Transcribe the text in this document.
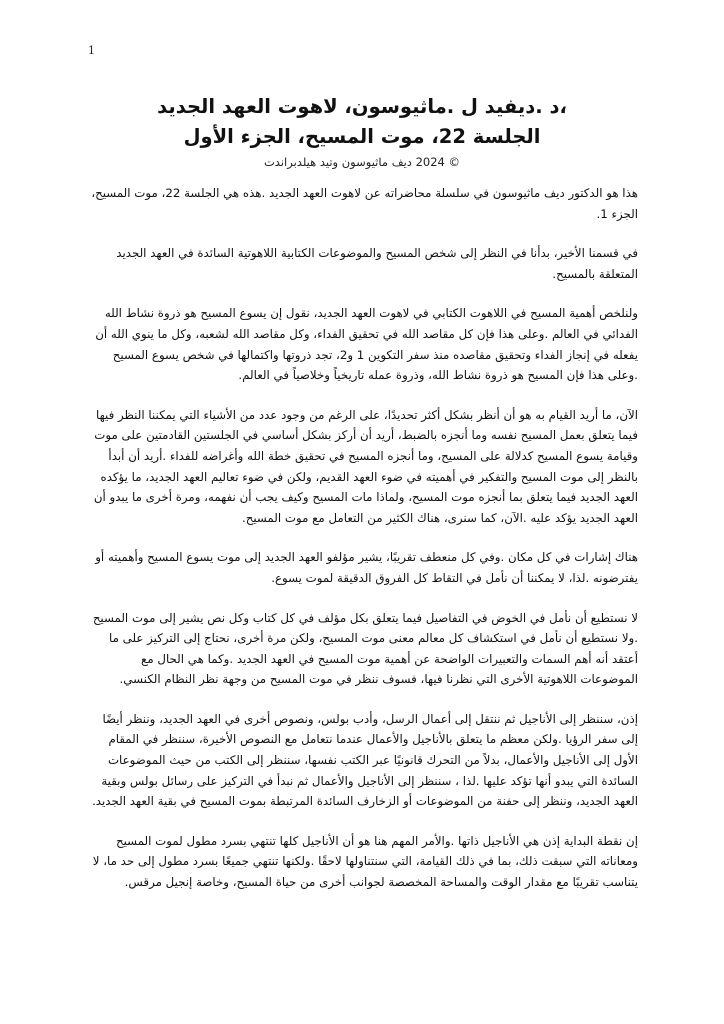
1

،د .ديفيد ل .ماثيوسون، لاهوت العهد الجديد

الجلسة 22، موت المسيح، الجزء الأول

© 2024 ديف ماثيوسون وتيد هيلدبراندت

هذا هو الدكتور ديف ماثيوسون في سلسلة محاضراته عن لاهوت العهد الجديد .هذه هي الجلسة 22، موت المسيح، الجزء 1.

في قسمنا الأخير، بدأنا في النظر إلى شخص المسيح والموضوعات الكتابية اللاهوتية السائدة في العهد الجديد المتعلقة بالمسيح.

ولنلخص أهمية المسيح في اللاهوت الكتابي في لاهوت العهد الجديد، نقول إن يسوع المسيح هو ذروة نشاط الله الفدائي في العالم .وعلى هذا فإن كل مقاصد الله في تحقيق الفداء، وكل مقاصد الله لشعبه، وكل ما ينوي الله أن يفعله في إنجاز الفداء وتحقيق مقاصده منذ سفر التكوين 1 و2، تجد ذروتها واكتمالها في شخص يسوع المسيح .وعلى هذا فإن المسيح هو ذروة نشاط الله، وذروة عمله تاريخياً وخلاصياً في العالم.

الآن، ما أريد القيام به هو أن أنظر بشكل أكثر تحديدًا، على الرغم من وجود عدد من الأشياء التي يمكننا النظر فيها فيما يتعلق بعمل المسيح نفسه وما أنجزه بالضبط، أريد أن أركز بشكل أساسي في الجلستين القادمتين على موت وقيامة يسوع المسيح كدلالة على المسيح، وما أنجزه المسيح في تحقيق خطة الله وأغراضه للفداء .أريد أن أبدأ بالنظر إلى موت المسيح والتفكير في أهميته في ضوء العهد القديم، ولكن في ضوء تعاليم العهد الجديد، ما يؤكده العهد الجديد فيما يتعلق بما أنجزه موت المسيح، ولماذا مات المسيح وكيف يجب أن نفهمه، ومرة أخرى ما يبدو أن العهد الجديد يؤكد عليه .الآن، كما سنرى، هناك الكثير من التعامل مع موت المسيح.

هناك إشارات في كل مكان .وفي كل منعطف تقريبًا، يشير مؤلفو العهد الجديد إلى موت يسوع المسيح وأهميته أو يفترضونه .لذا، لا يمكننا أن نأمل في التقاط كل الفروق الدقيقة لموت يسوع.

لا نستطيع أن نأمل في الخوض في التفاصيل فيما يتعلق بكل مؤلف في كل كتاب وكل نص يشير إلى موت المسيح .ولا نستطيع أن نأمل في استكشاف كل معالم معنى موت المسيح، ولكن مرة أخرى، نحتاج إلى التركيز على ما أعتقد أنه أهم السمات والتعبيرات الواضحة عن أهمية موت المسيح في العهد الجديد .وكما هي الحال مع الموضوعات اللاهوتية الأخرى التي نظرنا فيها، فسوف ننظر في موت المسيح من وجهة نظر النظام الكنسي.

إذن، سننظر إلى الأناجيل ثم ننتقل إلى أعمال الرسل، وأدب بولس، ونصوص أخرى في العهد الجديد، وننظر أيضًا إلى سفر الرؤيا .ولكن معظم ما يتعلق بالأناجيل والأعمال عندما نتعامل مع النصوص الأخيرة، سننظر في المقام الأول إلى الأناجيل والأعمال، بدلاً من التحرك قانونيًا عبر الكتب نفسها، سننظر إلى الكتب من حيث الموضوعات السائدة التي يبدو أنها تؤكد عليها .لذا ، سننظر إلى الأناجيل والأعمال ثم نبدأ في التركيز على رسائل بولس وبقية العهد الجديد، وننظر إلى حفنة من الموضوعات أو الزخارف السائدة المرتبطة بموت المسيح في بقية العهد الجديد.

إن نقطة البداية إذن هي الأناجيل ذاتها .والأمر المهم هنا هو أن الأناجيل كلها تنتهي بسرد مطول لموت المسيح ومعاناته التي سبقت ذلك، بما في ذلك القيامة، التي سنتناولها لاحقًا .ولكنها تنتهي جميعًا بسرد مطول إلى حد ما، لا يتناسب تقريبًا مع مقدار الوقت والمساحة المخصصة لجوانب أخرى من حياة المسيح، وخاصة إنجيل مرقس.
